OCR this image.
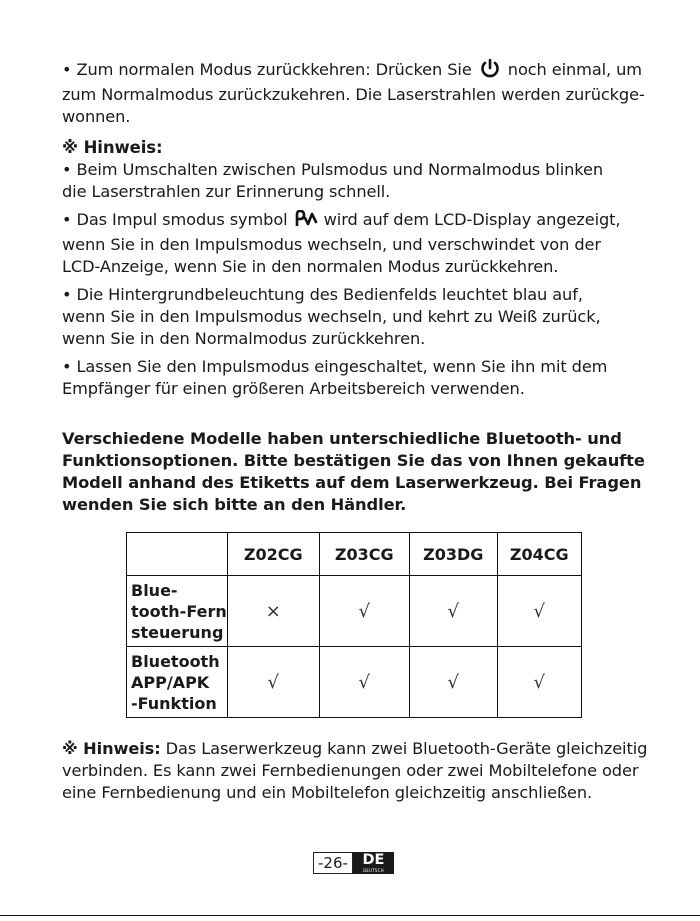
• Zum normalen Modus zurückkehren: Drücken Sie noch einmal, um

zum Normalmodus zurückzukehren. Die Laserstrahlen werden zurückge-

wonnen.

※ Hinweis:

• Beim Umschalten zwischen Pulsmodus und Normalmodus blinken

die Laserstrahlen zur Erinnerung schnell.

• Das Impul smodus symbol wird auf dem LCD-Display angezeigt,

wenn Sie in den Impulsmodus wechseln, und verschwindet von der

LCD-Anzeige, wenn Sie in den normalen Modus zurückkehren.

• Die Hintergrundbeleuchtung des Bedienfelds leuchtet blau auf,

wenn Sie in den Impulsmodus wechseln, und kehrt zu Weiß zurück,

wenn Sie in den Normalmodus zurückkehren.

• Lassen Sie den Impulsmodus eingeschaltet, wenn Sie ihn mit dem

Empfänger für einen größeren Arbeitsbereich verwenden.

Verschiedene Modelle haben unterschiedliche Bluetooth- und

Funktionsoptionen. Bitte bestätigen Sie das von Ihnen gekaufte

Modell anhand des Etiketts auf dem Laserwerkzeug. Bei Fragen

wenden Sie sich bitte an den Händler.

	Z02CG	Z03CG	Z03DG	Z04CG
Blue-
tooth-Fern
steuerung	×	√	√	√
Bluetooth
APP/APK
-Funktion	√	√	√	√

※ Hinweis: Das Laserwerkzeug kann zwei Bluetooth-Geräte gleichzeitig

verbinden. Es kann zwei Fernbedienungen oder zwei Mobiltelefone oder

eine Fernbedienung und ein Mobiltelefon gleichzeitig anschließen.

-26-	DE
DEUTSCH
